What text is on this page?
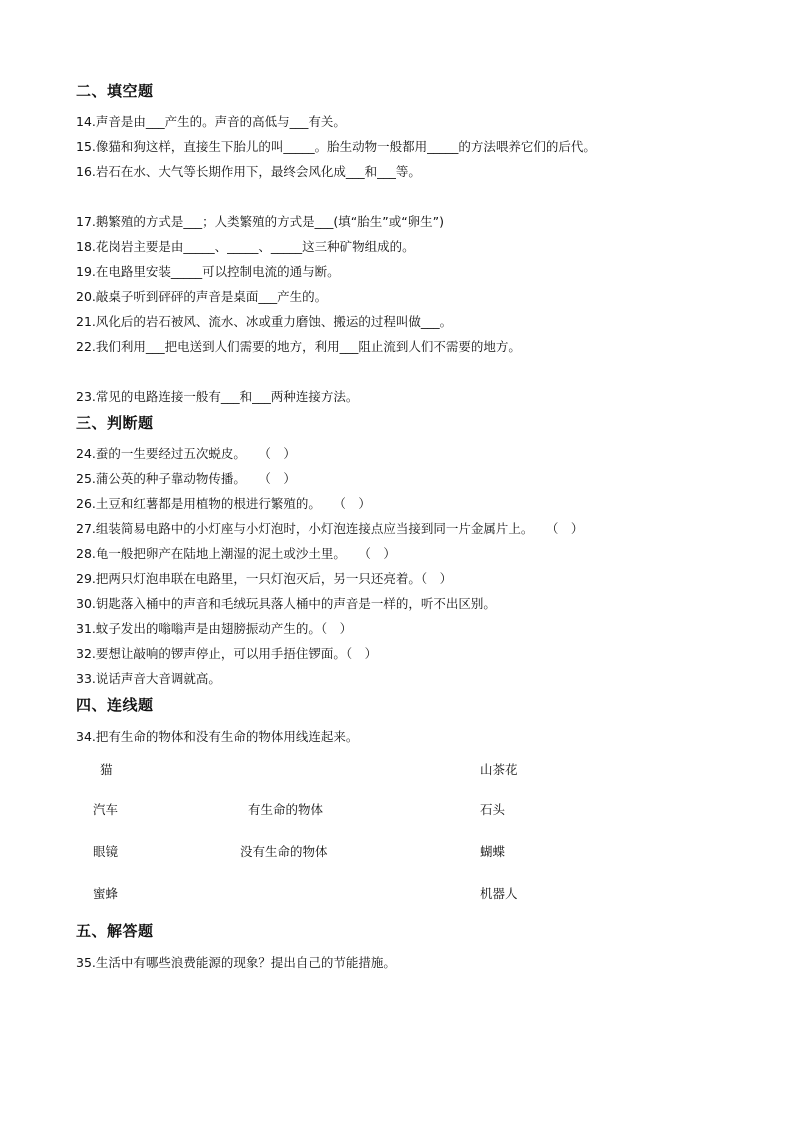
二、填空题
14.声音是由___产生的。声音的高低与___有关。
15.像猫和狗这样，直接生下胎儿的叫_____。胎生动物一般都用_____的方法喂养它们的后代。
16.岩石在水、大气等长期作用下，最终会风化成___和___等。
17.鹅繁殖的方式是___；人类繁殖的方式是___(填“胎生”或“卵生”)
18.花岗岩主要是由_____、_____、_____这三种矿物组成的。
19.在电路里安装_____可以控制电流的通与断。
20.敲桌子听到砰砰的声音是桌面___产生的。
21.风化后的岩石被风、流水、冰或重力磨蚀、搬运的过程叫做___。
22.我们利用___把电送到人们需要的地方，利用___阻止流到人们不需要的地方。
23.常见的电路连接一般有___和___两种连接方法。
三、判断题
24.蚕的一生要经过五次蜕皮。　　（　）
25.蒲公英的种子靠动物传播。　　（　）
26.土豆和红薯都是用植物的根进行繁殖的。　　（　）
27.组装简易电路中的小灯座与小灯泡时，小灯泡连接点应当接到同一片金属片上。　　（　）
28.龟一般把卵产在陆地上潮湿的泥土或沙土里。　　（　）
29.把两只灯泡串联在电路里，一只灯泡灭后，另一只还亮着。（　）
30.钥匙落入桶中的声音和毛绒玩具落人桶中的声音是一样的，听不出区别。
31.蚊子发出的嗡嗡声是由翅膀振动产生的。（　）
32.要想让敲响的锣声停止，可以用手捂住锣面。（　）
33.说话声音大音调就高。
四、连线题
34.把有生命的物体和没有生命的物体用线连起来。
猫
汽车
眼镜
蜜蜂
有生命的物体
没有生命的物体
山茶花
石头
蝴蝶
机器人
五、解答题
35.生活中有哪些浪费能源的现象？提出自己的节能措施。
